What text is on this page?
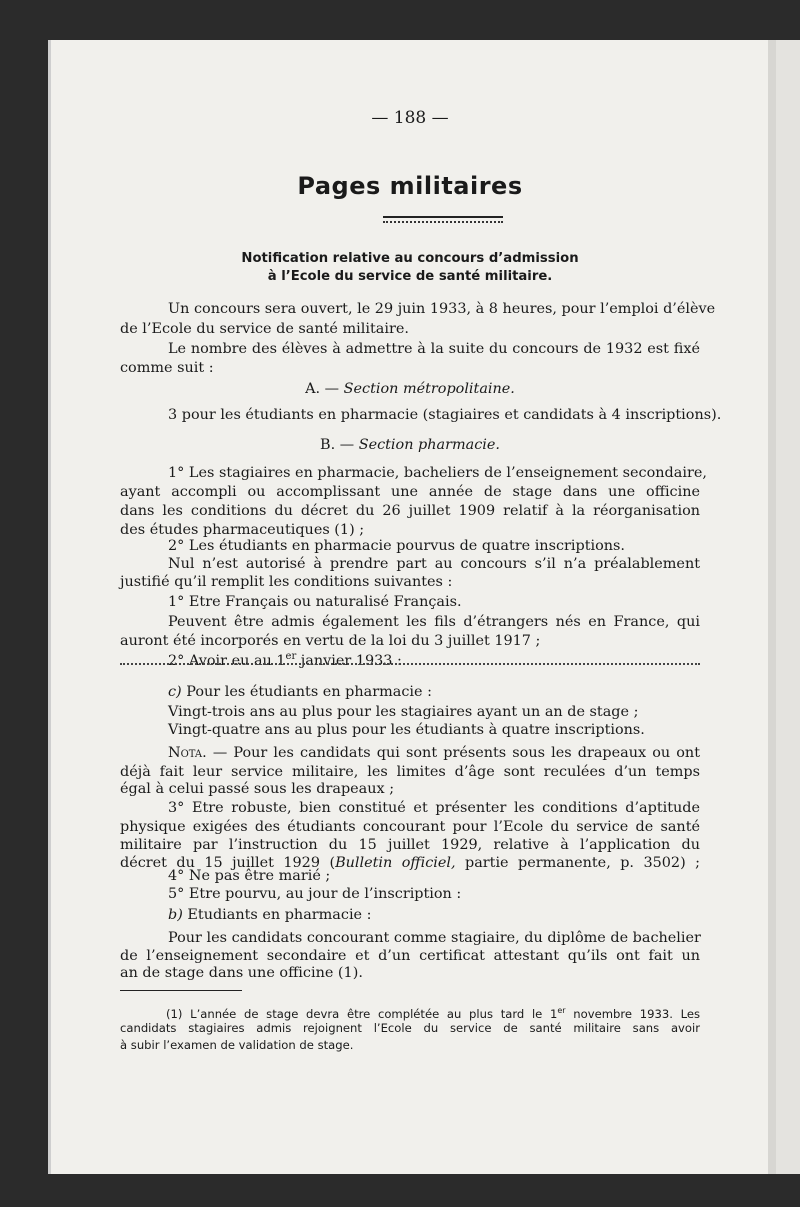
— 188 —
Pages militaires
Notification relative au concours d’admission
à l’Ecole du service de santé militaire.
Un concours sera ouvert, le 29 juin 1933, à 8 heures, pour l’emploi d’élève
de l’Ecole du service de santé militaire.
Le nombre des élèves à admettre à la suite du concours de 1932 est fixé
comme suit :
A. — Section métropolitaine.
3 pour les étudiants en pharmacie (stagiaires et candidats à 4 inscriptions).
B. — Section pharmacie.
1° Les stagiaires en pharmacie, bacheliers de l’enseignement secondaire,
ayant accompli ou accomplissant une année de stage dans une officine
dans les conditions du décret du 26 juillet 1909 relatif à la réorganisation
des études pharmaceutiques (1) ;
2° Les étudiants en pharmacie pourvus de quatre inscriptions.
Nul n’est autorisé à prendre part au concours s’il n’a préalablement
justifié qu’il remplit les conditions suivantes :
1° Etre Français ou naturalisé Français.
Peuvent être admis également les fils d’étrangers nés en France, qui
auront été incorporés en vertu de la loi du 3 juillet 1917 ;
2° Avoir eu au 1er janvier 1933 :
c) Pour les étudiants en pharmacie :
Vingt-trois ans au plus pour les stagiaires ayant un an de stage ;
Vingt-quatre ans au plus pour les étudiants à quatre inscriptions.
Nota. — Pour les candidats qui sont présents sous les drapeaux ou ont
déjà fait leur service militaire, les limites d’âge sont reculées d’un temps
égal à celui passé sous les drapeaux ;
3° Etre robuste, bien constitué et présenter les conditions d’aptitude
physique exigées des étudiants concourant pour l’Ecole du service de santé
militaire par l’instruction du 15 juillet 1929, relative à l’application du
décret du 15 juillet 1929 (Bulletin officiel, partie permanente, p. 3502) ;
4° Ne pas être marié ;
5° Etre pourvu, au jour de l’inscription :
b) Etudiants en pharmacie :
Pour les candidats concourant comme stagiaire, du diplôme de bachelier
de l’enseignement secondaire et d’un certificat attestant qu’ils ont fait un
an de stage dans une officine (1).
(1) L’année de stage devra être complétée au plus tard le 1er novembre 1933. Les
candidats stagiaires admis rejoignent l’Ecole du service de santé militaire sans avoir
à subir l’examen de validation de stage.
